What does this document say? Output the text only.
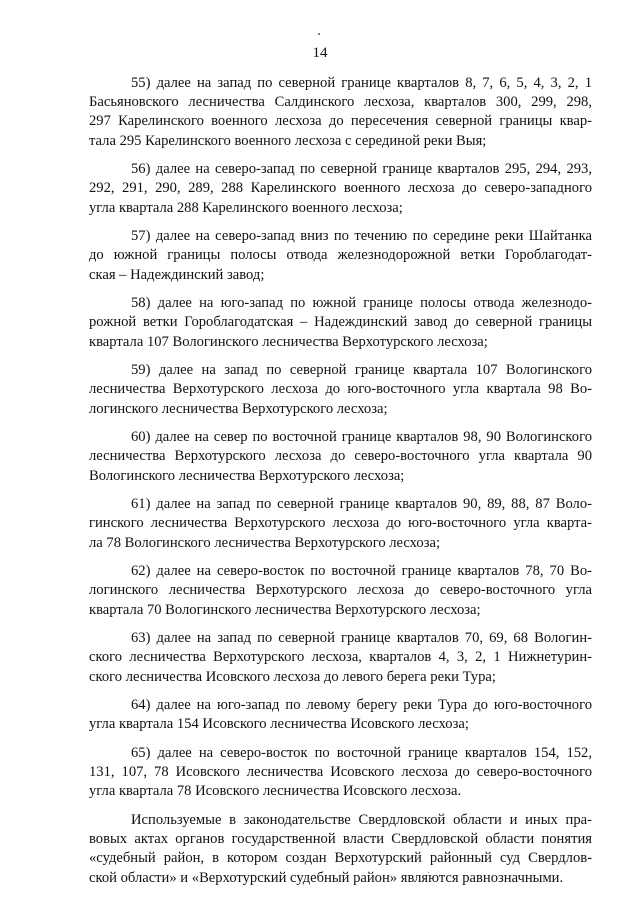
14

55) далее на запад по северной границе кварталов 8, 7, 6, 5, 4, 3, 2, 1
Басьяновского лесничества Салдинского лесхоза, кварталов 300, 299, 298,
297 Карелинского военного лесхоза до пересечения северной границы квар-
тала 295 Карелинского военного лесхоза с серединой реки Выя;

56) далее на северо-запад по северной границе кварталов 295, 294, 293,
292, 291, 290, 289, 288 Карелинского военного лесхоза до северо-западного
угла квартала 288 Карелинского военного лесхоза;

57) далее на северо-запад вниз по течению по середине реки Шайтанка
до южной границы полосы отвода железнодорожной ветки Гороблагодат-
ская – Надеждинский завод;

58) далее на юго-запад по южной границе полосы отвода железнодо-
рожной ветки Гороблагодатская – Надеждинский завод до северной границы
квартала 107 Вологинского лесничества Верхотурского лесхоза;

59) далее на запад по северной границе квартала 107 Вологинского
лесничества Верхотурского лесхоза до юго-восточного угла квартала 98 Во-
логинского лесничества Верхотурского лесхоза;

60) далее на север по восточной границе кварталов 98, 90 Вологинского
лесничества Верхотурского лесхоза до северо-восточного угла квартала 90
Вологинского лесничества Верхотурского лесхоза;

61) далее на запад по северной границе кварталов 90, 89, 88, 87 Воло-
гинского лесничества Верхотурского лесхоза до юго-восточного угла кварта-
ла 78 Вологинского лесничества Верхотурского лесхоза;

62) далее на северо-восток по восточной границе кварталов 78, 70 Во-
логинского лесничества Верхотурского лесхоза до северо-восточного угла
квартала 70 Вологинского лесничества Верхотурского лесхоза;

63) далее на запад по северной границе кварталов 70, 69, 68 Вологин-
ского лесничества Верхотурского лесхоза, кварталов 4, 3, 2, 1 Нижнетурин-
ского лесничества Исовского лесхоза до левого берега реки Тура;

64) далее на юго-запад по левому берегу реки Тура до юго-восточного
угла квартала 154 Исовского лесничества Исовского лесхоза;

65) далее на северо-восток по восточной границе кварталов 154, 152,
131, 107, 78 Исовского лесничества Исовского лесхоза до северо-восточного
угла квартала 78 Исовского лесничества Исовского лесхоза.

Используемые в законодательстве Свердловской области и иных пра-
вовых актах органов государственной власти Свердловской области понятия
«судебный район, в котором создан Верхотурский районный суд Свердлов-
ской области» и «Верхотурский судебный район» являются равнозначными.
